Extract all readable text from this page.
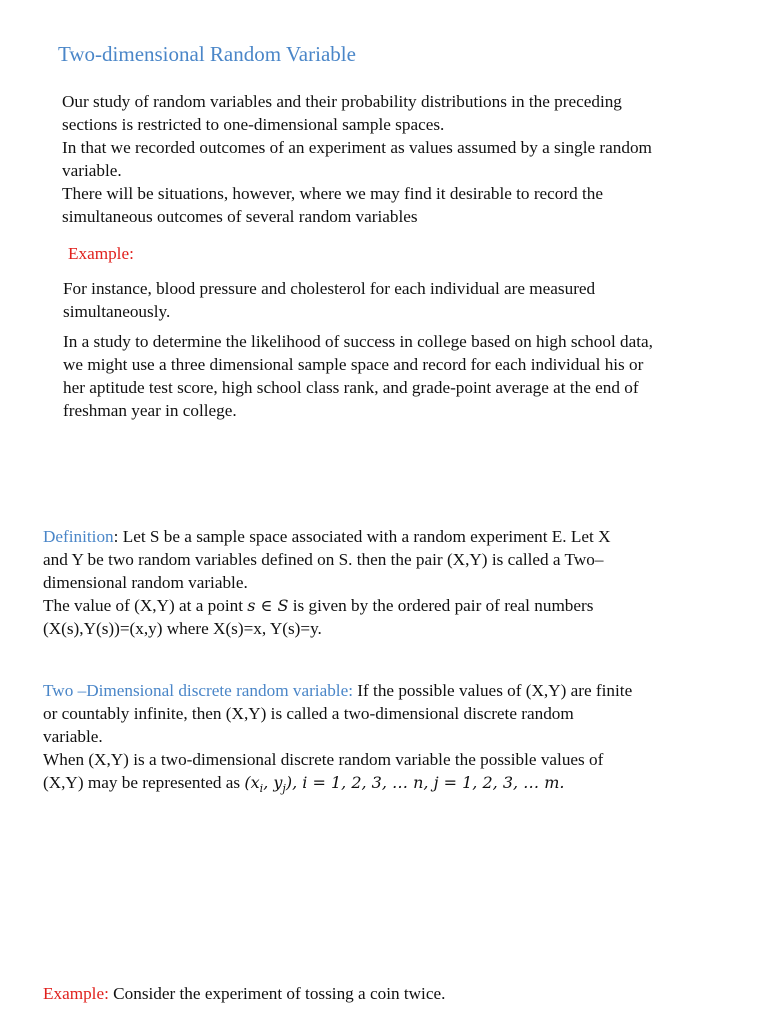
Two-dimensional Random Variable

Our study of random variables and their probability distributions in the preceding
sections is restricted to one-dimensional sample spaces.
In that we recorded outcomes of an experiment as values assumed by a single random
variable.
There will be situations, however, where we may find it desirable to record the
simultaneous outcomes of several random variables

Example:

For instance, blood pressure and cholesterol for each individual are measured
simultaneously.

In a study to determine the likelihood of success in college based on high school data,
we might use a three dimensional sample space and record for each individual his or
her aptitude test score, high school class rank, and grade-point average at the end of
freshman year in college.

Definition: Let S be a sample space associated with a random experiment E. Let X
and Y be two random variables defined on S. then the pair (X,Y) is called a Two–
dimensional random variable.
The value of (X,Y) at a point s ∈ S is given by the ordered pair of real numbers
(X(s),Y(s))=(x,y) where X(s)=x, Y(s)=y.

Two –Dimensional discrete random variable: If the possible values of (X,Y) are finite
or countably infinite, then (X,Y) is called a two-dimensional discrete random
variable.
When (X,Y) is a two-dimensional discrete random variable the possible values of
(X,Y) may be represented as ($x_i$, $y_j$), i = 1, 2, 3, … n, j = 1, 2, 3, … m.

Example: Consider the experiment of tossing a coin twice.
